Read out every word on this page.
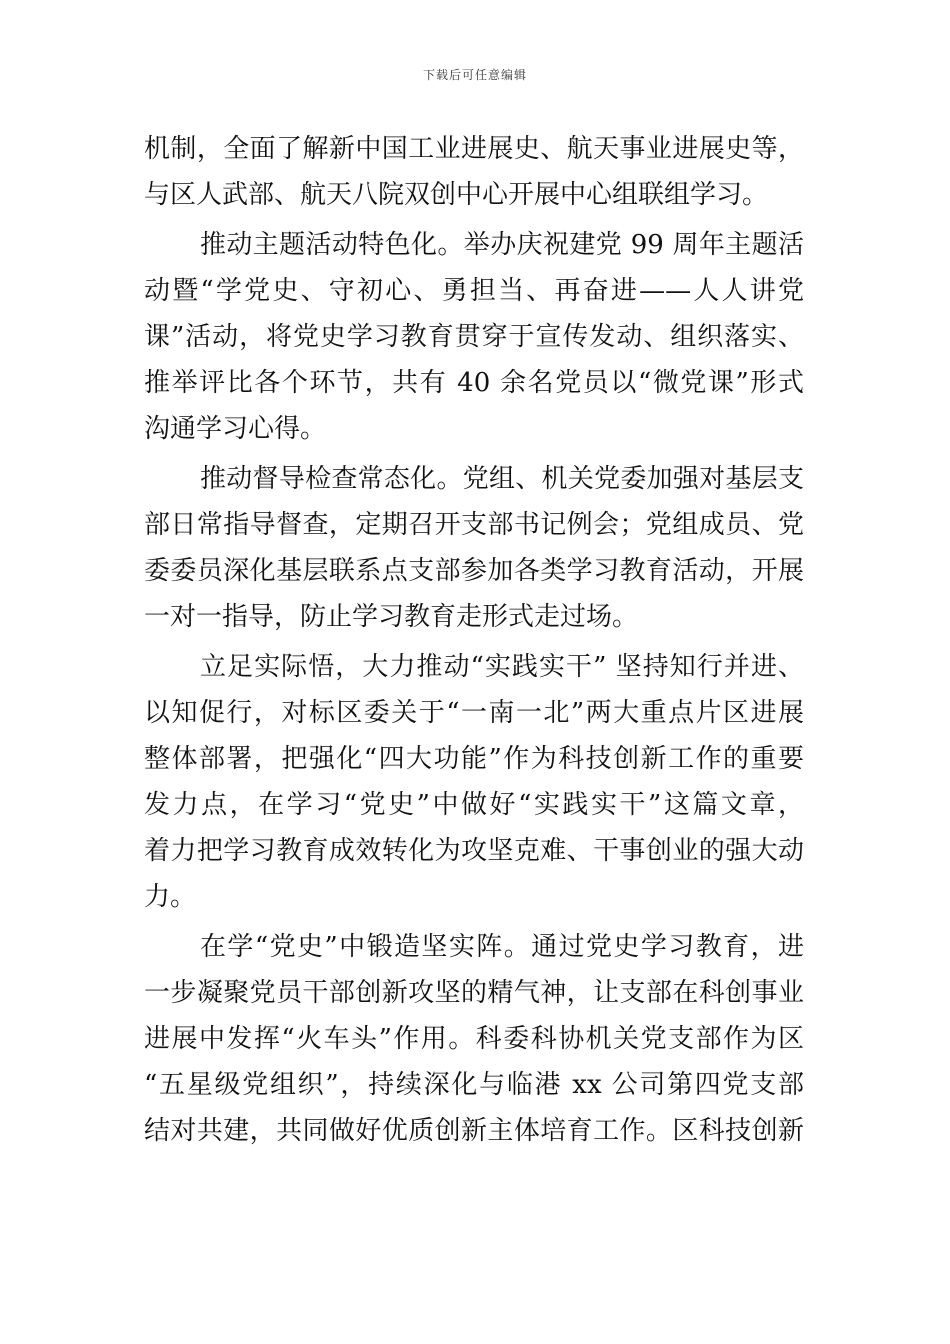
下载后可任意编辑
机制，全面了解新中国工业进展史、航天事业进展史等，
与区人武部、航天八院双创中心开展中心组联组学习。
推动主题活动特色化。举办庆祝建党 99 周年主题活
动暨“学党史、守初心、勇担当、再奋进——人人讲党
课”活动，将党史学习教育贯穿于宣传发动、组织落实、
推举评比各个环节，共有 40 余名党员以“微党课”形式
沟通学习心得。
推动督导检查常态化。党组、机关党委加强对基层支
部日常指导督查，定期召开支部书记例会；党组成员、党
委委员深化基层联系点支部参加各类学习教育活动，开展
一对一指导，防止学习教育走形式走过场。
立足实际悟，大力推动“实践实干” 坚持知行并进、
以知促行，对标区委关于“一南一北”两大重点片区进展
整体部署，把强化“四大功能”作为科技创新工作的重要
发力点，在学习“党史”中做好“实践实干”这篇文章，
着力把学习教育成效转化为攻坚克难、干事创业的强大动
力。
在学“党史”中锻造坚实阵。通过党史学习教育，进
一步凝聚党员干部创新攻坚的精气神，让支部在科创事业
进展中发挥“火车头”作用。科委科协机关党支部作为区
“五星级党组织”，持续深化与临港 xx 公司第四党支部
结对共建，共同做好优质创新主体培育工作。区科技创新
